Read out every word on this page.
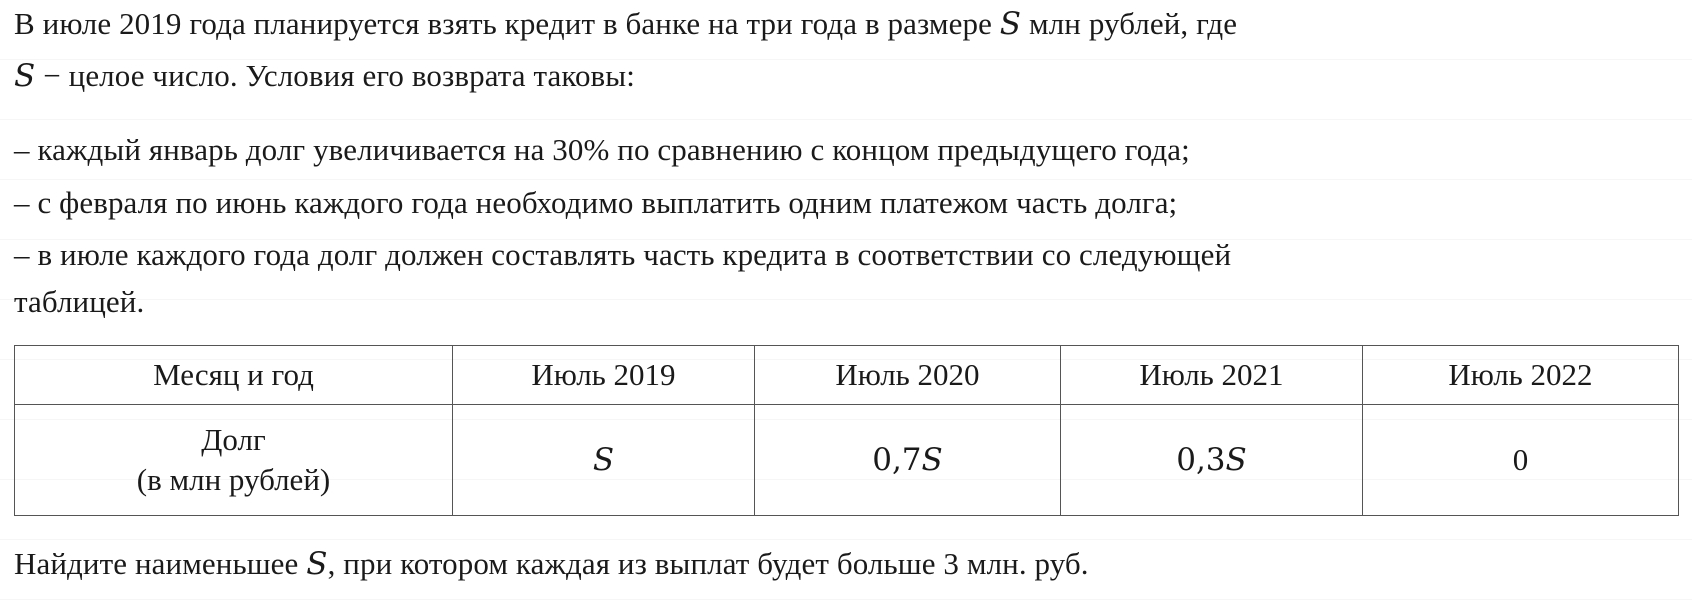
В июле 2019 года планируется взять кредит в банке на три года в размере S млн рублей, где
S − целое число. Условия его возврата таковы:
– каждый январь долг увеличивается на 30% по сравнению с концом предыдущего года;
– с февраля по июнь каждого года необходимо выплатить одним платежом часть долга;
– в июле каждого года долг должен составлять часть кредита в соответствии со следующей
таблицей.
Месяц и год	Июль 2019	Июль 2020	Июль 2021	Июль 2022

Долг
(в млн рублей)	S	0,7S	0,3S	0
Найдите наименьшее S, при котором каждая из выплат будет больше 3 млн. руб.
